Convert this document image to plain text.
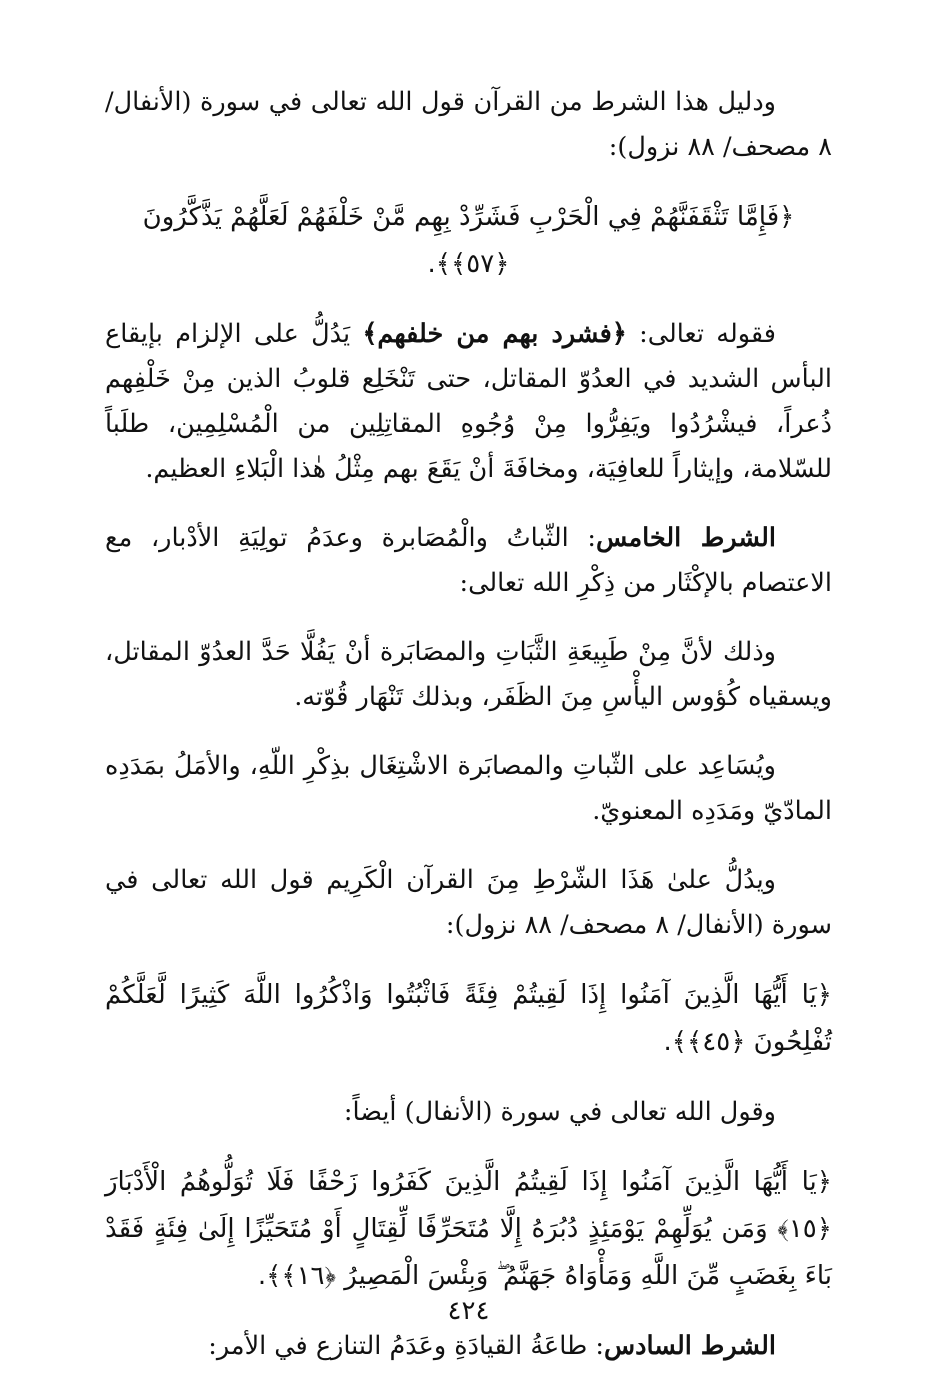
ودليل هذا الشرط من القرآن قول الله تعالى في سورة (الأنفال/ ٨ مصحف/ ٨٨ نزول):

﴿فَإِمَّا تَثْقَفَنَّهُمْ فِي الْحَرْبِ فَشَرِّدْ بِهِم مَّنْ خَلْفَهُمْ لَعَلَّهُمْ يَذَّكَّرُونَ ﴿٥٧﴾﴾.

فقوله تعالى: ﴿فشرد بهم من خلفهم﴾ يَدُلُّ على الإلزام بإيقاع البأس الشديد في العدُوّ المقاتل، حتى تَنْخَلِع قلوبُ الذين مِنْ خَلْفِهم ذُعراً، فيشْرُدُوا ويَفِرُّوا مِنْ وُجُوهِ المقاتِلِين من الْمُسْلِمِين، طلَباً للسّلامة، وإيثاراً للعافِيَة، ومخافَةَ أنْ يَقَعَ بهم مِثْلُ هٰذا الْبَلاءِ العظيم.

الشرط الخامس: الثّباتُ والْمُصَابرة وعدَمُ تولِيَةِ الأدْبار، مع الاعتصام بالإكْثَار من ذِكْرِ الله تعالى:

وذلك لأنَّ مِنْ طَبِيعَةِ الثَّبَاتِ والمصَابَرة أنْ يَفُلَّا حَدَّ العدُوّ المقاتل، ويسقياه كُؤوس اليأْسِ مِنَ الظَفَر، وبذلك تَنْهَار قُوّته.

ويُسَاعِد على الثّباتِ والمصابَرة الاشْتِغَال بذِكْرِ اللّهِ، والأمَلُ بمَدَدِه المادّيّ ومَدَدِه المعنويّ.

ويدُلُّ علىٰ هَذَا الشّرْطِ مِنَ القرآن الْكَرِيم قول الله تعالى في سورة (الأنفال/ ٨ مصحف/ ٨٨ نزول):

﴿يَا أَيُّهَا الَّذِينَ آمَنُوا إِذَا لَقِيتُمْ فِئَةً فَاثْبُتُوا وَاذْكُرُوا اللَّهَ كَثِيرًا لَّعَلَّكُمْ تُفْلِحُونَ ﴿٤٥﴾﴾.

وقول الله تعالى في سورة (الأنفال) أيضاً:

﴿يَا أَيُّهَا الَّذِينَ آمَنُوا إِذَا لَقِيتُمُ الَّذِينَ كَفَرُوا زَحْفًا فَلَا تُوَلُّوهُمُ الْأَدْبَارَ ﴿١٥﴾ وَمَن يُوَلِّهِمْ يَوْمَئِذٍ دُبُرَهُ إِلَّا مُتَحَرِّفًا لِّقِتَالٍ أَوْ مُتَحَيِّزًا إِلَىٰ فِئَةٍ فَقَدْ بَاءَ بِغَضَبٍ مِّنَ اللَّهِ وَمَأْوَاهُ جَهَنَّمُ ۖ وَبِئْسَ الْمَصِيرُ ﴿١٦﴾﴾.

الشرط السادس: طاعَةُ القيادَةِ وعَدَمُ التنازع في الأمر:

٤٢٤
